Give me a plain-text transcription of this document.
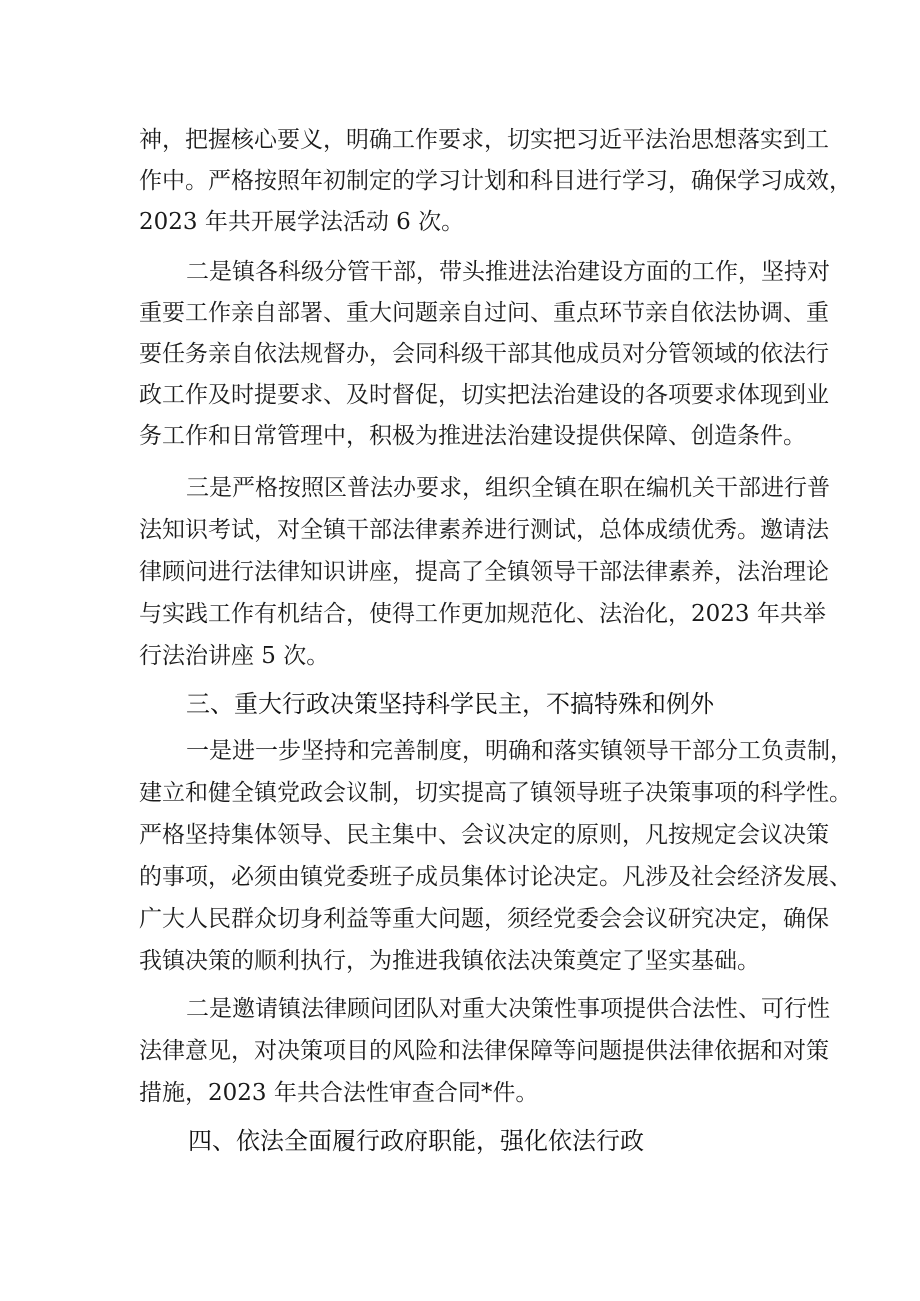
神，把握核心要义，明确工作要求，切实把习近平法治思想落实到工
作中。严格按照年初制定的学习计划和科目进行学习，确保学习成效，
2023 年共开展学法活动 6 次。
二是镇各科级分管干部，带头推进法治建设方面的工作，坚持对
重要工作亲自部署、重大问题亲自过问、重点环节亲自依法协调、重
要任务亲自依法规督办，会同科级干部其他成员对分管领域的依法行
政工作及时提要求、及时督促，切实把法治建设的各项要求体现到业
务工作和日常管理中，积极为推进法治建设提供保障、创造条件。
三是严格按照区普法办要求，组织全镇在职在编机关干部进行普
法知识考试，对全镇干部法律素养进行测试，总体成绩优秀。邀请法
律顾问进行法律知识讲座，提高了全镇领导干部法律素养，法治理论
与实践工作有机结合，使得工作更加规范化、法治化，2023 年共举
行法治讲座 5 次。
三、重大行政决策坚持科学民主，不搞特殊和例外
一是进一步坚持和完善制度，明确和落实镇领导干部分工负责制，
建立和健全镇党政会议制，切实提高了镇领导班子决策事项的科学性。
严格坚持集体领导、民主集中、会议决定的原则，凡按规定会议决策
的事项，必须由镇党委班子成员集体讨论决定。凡涉及社会经济发展、
广大人民群众切身利益等重大问题，须经党委会会议研究决定，确保
我镇决策的顺利执行，为推进我镇依法决策奠定了坚实基础。
二是邀请镇法律顾问团队对重大决策性事项提供合法性、可行性
法律意见，对决策项目的风险和法律保障等问题提供法律依据和对策
措施，2023 年共合法性审查合同*件。
四、依法全面履行政府职能，强化依法行政
